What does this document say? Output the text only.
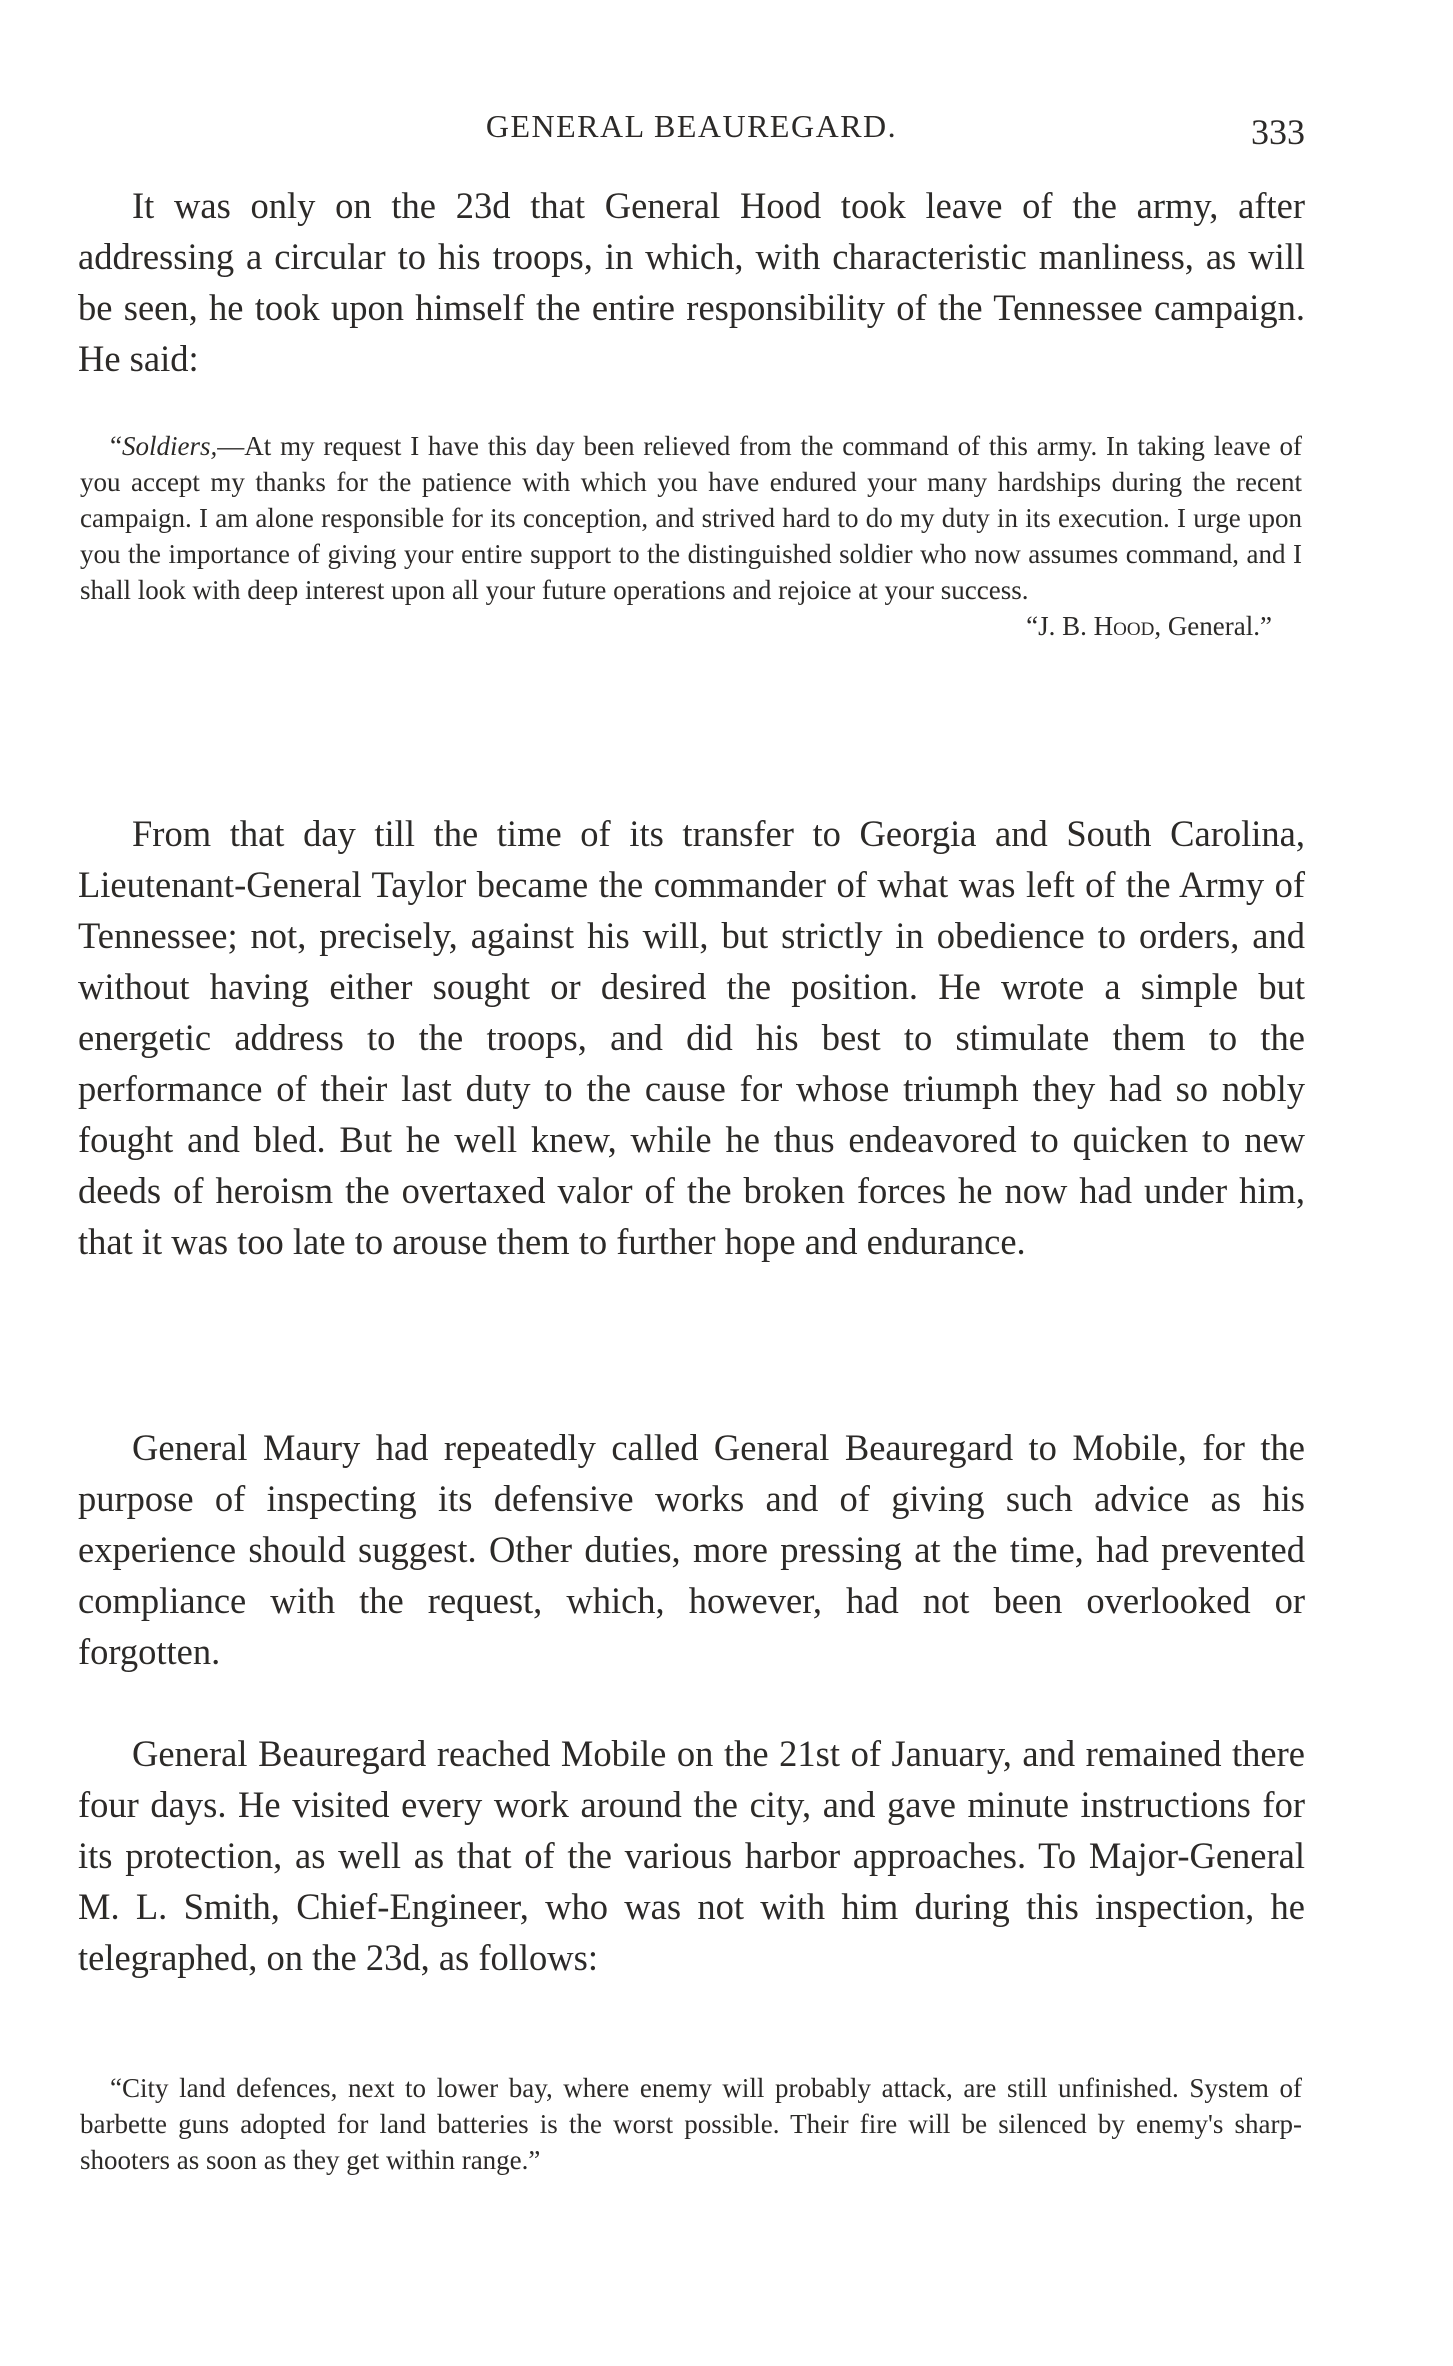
GENERAL BEAUREGARD.	333

It was only on the 23d that General Hood took leave of the army, after addressing a circular to his troops, in which, with characteristic manliness, as will be seen, he took upon himself the entire responsibility of the Tennessee campaign. He said:

“Soldiers,—At my request I have this day been relieved from the command of this army. In taking leave of you accept my thanks for the patience with which you have endured your many hardships during the recent campaign. I am alone responsible for its conception, and strived hard to do my duty in its execution. I urge upon you the importance of giving your entire support to the distinguished soldier who now assumes command, and I shall look with deep interest upon all your future operations and rejoice at your success.

“J. B. Hood, General.”

From that day till the time of its transfer to Georgia and South Carolina, Lieutenant-General Taylor became the commander of what was left of the Army of Tennessee; not, precisely, against his will, but strictly in obedience to orders, and without having either sought or desired the position. He wrote a simple but energetic address to the troops, and did his best to stimulate them to the performance of their last duty to the cause for whose triumph they had so nobly fought and bled. But he well knew, while he thus endeavored to quicken to new deeds of heroism the overtaxed valor of the broken forces he now had under him, that it was too late to arouse them to further hope and endurance.

General Maury had repeatedly called General Beauregard to Mobile, for the purpose of inspecting its defensive works and of giving such advice as his experience should suggest. Other duties, more pressing at the time, had prevented compliance with the request, which, however, had not been overlooked or forgotten.

General Beauregard reached Mobile on the 21st of January, and remained there four days. He visited every work around the city, and gave minute instructions for its protection, as well as that of the various harbor approaches. To Major-General M. L. Smith, Chief-Engineer, who was not with him during this inspection, he telegraphed, on the 23d, as follows:

“City land defences, next to lower bay, where enemy will probably attack, are still unfinished. System of barbette guns adopted for land batteries is the worst possible. Their fire will be silenced by enemy's sharp-shooters as soon as they get within range.”
